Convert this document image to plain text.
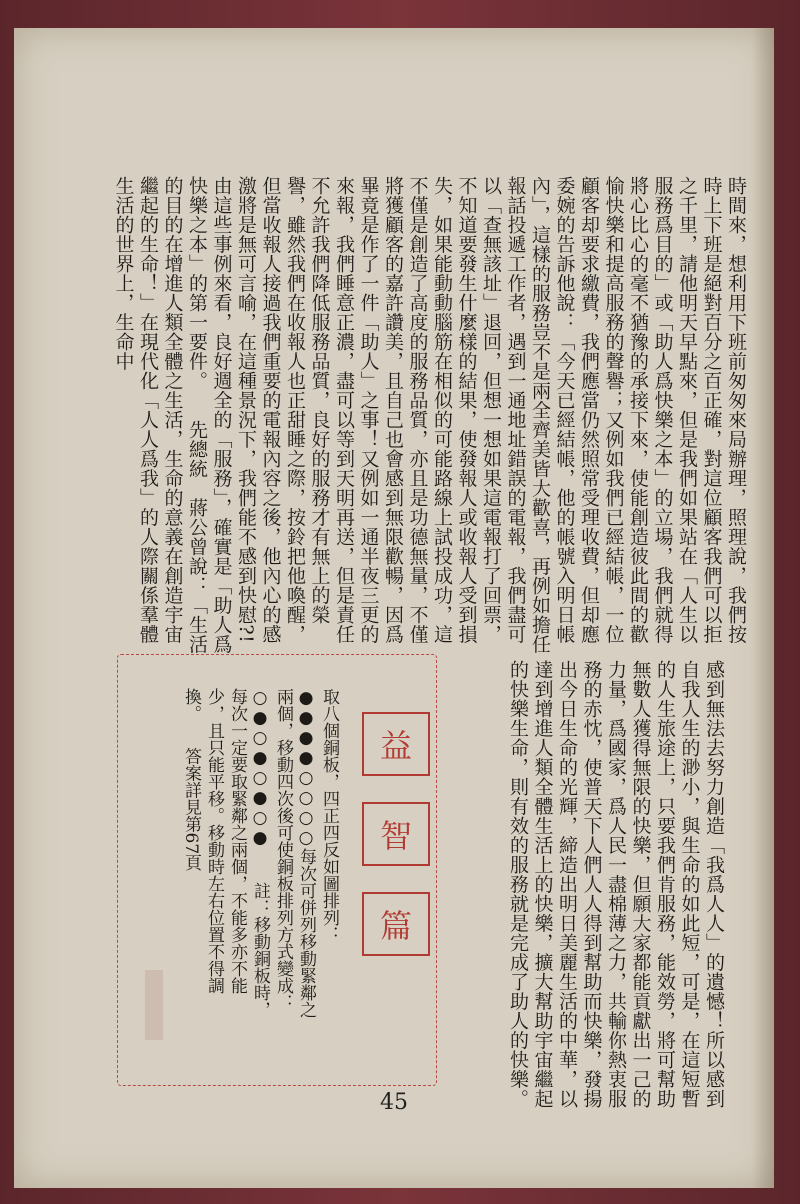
時間來，想利用下班前匆匆來局辦理，照理說，我們按時上下班是絕對百分之百正確，對這位顧客我們可以拒之千里，請他明天早點來，但是我們如果站在「人生以服務爲目的」或「助人爲快樂之本」的立場，我們就得將心比心的毫不猶豫的承接下來，使能創造彼此間的歡愉快樂和提高服務的聲譽；又例如我們已經結帳，一位顧客却要求繳費，我們應當仍然照常受理收費，但却應委婉的告訴他說：「今天已經結帳，他的帳號入明日帳內」，這樣的服務豈不是兩全齊美皆大歡喜，再例如擔任報話投遞工作者，遇到一通地址錯誤的電報，我們盡可以「查無該址」退回，但想一想如果這電報打了回票，不知道要發生什麼樣的結果，使發報人或收報人受到損失，如果能動動腦筋在相似的可能路線上試投成功，這不僅是創造了高度的服務品質，亦且是功德無量，不僅將獲顧客的嘉許讚美，且自己也會感到無限歡暢，因爲畢竟是作了一件「助人」之事！又例如一通半夜三更的來報，我們睡意正濃，盡可以等到天明再送，但是責任不允許我們降低服務品質，良好的服務才有無上的榮譽，雖然我們在收報人也正甜睡之際，按鈴把他喚醒，但當收報人接過我們重要的電報內容之後，他內心的感激將是無可言喻，在這種景況下，我們能不感到快慰?!由這些事例來看，良好週全的「服務」，確實是「助人爲快樂之本」的第一要件。　　先總統　蔣公曾說：「生活的目的在增進人類全體之生活，生命的意義在創造宇宙繼起的生命！」在現代化「人人爲我」的人際關係羣體生活的世界上，生命中
感到無法去努力創造「我爲人人」的遺憾！所以感到自我人生的渺小，與生命的如此短，可是，在這短暫的人生旅途上，只要我們肯服務，能效勞，將可幫助無數人獲得無限的快樂，但願大家都能貢獻出一己的力量，爲國家，爲人民一盡棉薄之力，共輸你熱衷服務的赤忱，使普天下人們人人得到幫助而快樂，發揚出今日生命的光輝，締造出明日美麗生活的中華，以達到增進人類全體生活上的快樂，擴大幫助宇宙繼起的快樂生命，則有效的服務就是完成了助人的快樂。
益
智
篇
取八個銅板，四正四反如圖排列：●●●●○○○○每次可併列移動緊鄰之兩個，移動四次後可使銅板排列方式變成：○●○●○●○●　　註：移動銅板時，每次一定要取緊鄰之兩個，不能多亦不能少，且只能平移。移動時左右位置不得調換。　　答案詳見第67頁
45
